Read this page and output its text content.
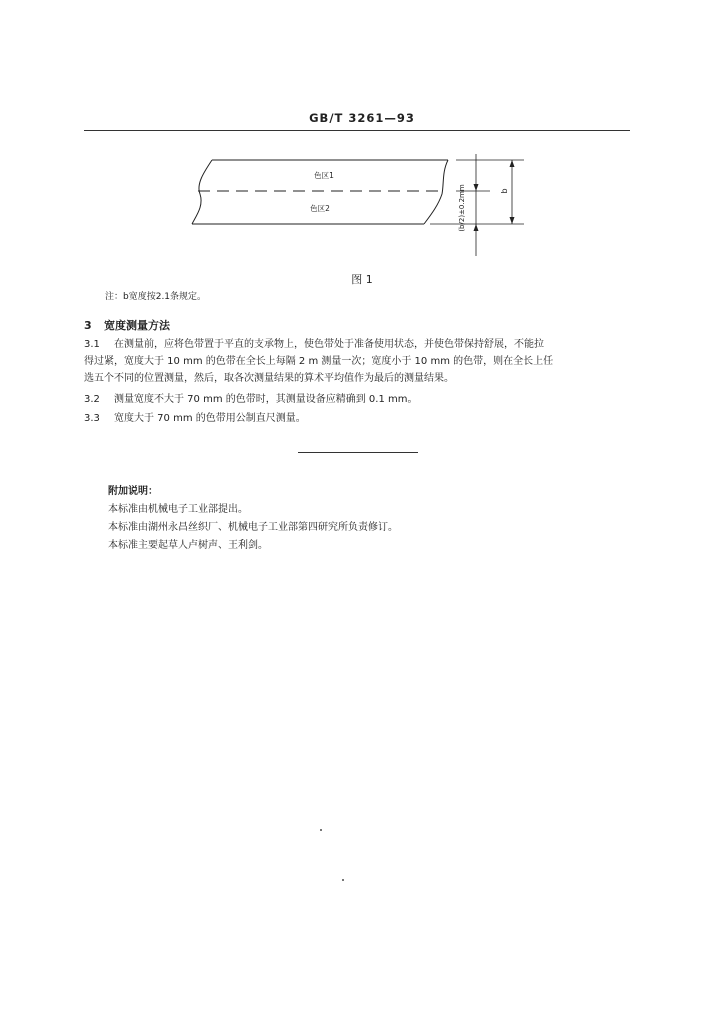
GB/T 3261—93
色区1
色区2
b
(b/2)±0.2mm
图 1
注：b宽度按2.1条规定。
3 宽度测量方法
3.1 在测量前，应将色带置于平直的支承物上，使色带处于准备使用状态，并使色带保持舒展，不能拉
得过紧，宽度大于 10 mm 的色带在全长上每隔 2 m 测量一次；宽度小于 10 mm 的色带，则在全长上任
选五个不同的位置测量，然后，取各次测量结果的算术平均值作为最后的测量结果。
3.2 测量宽度不大于 70 mm 的色带时，其测量设备应精确到 0.1 mm。
3.3 宽度大于 70 mm 的色带用公制直尺测量。
附加说明：
本标准由机械电子工业部提出。
本标准由湖州永昌丝织厂、机械电子工业部第四研究所负责修订。
本标准主要起草人卢树声、王利剑。
